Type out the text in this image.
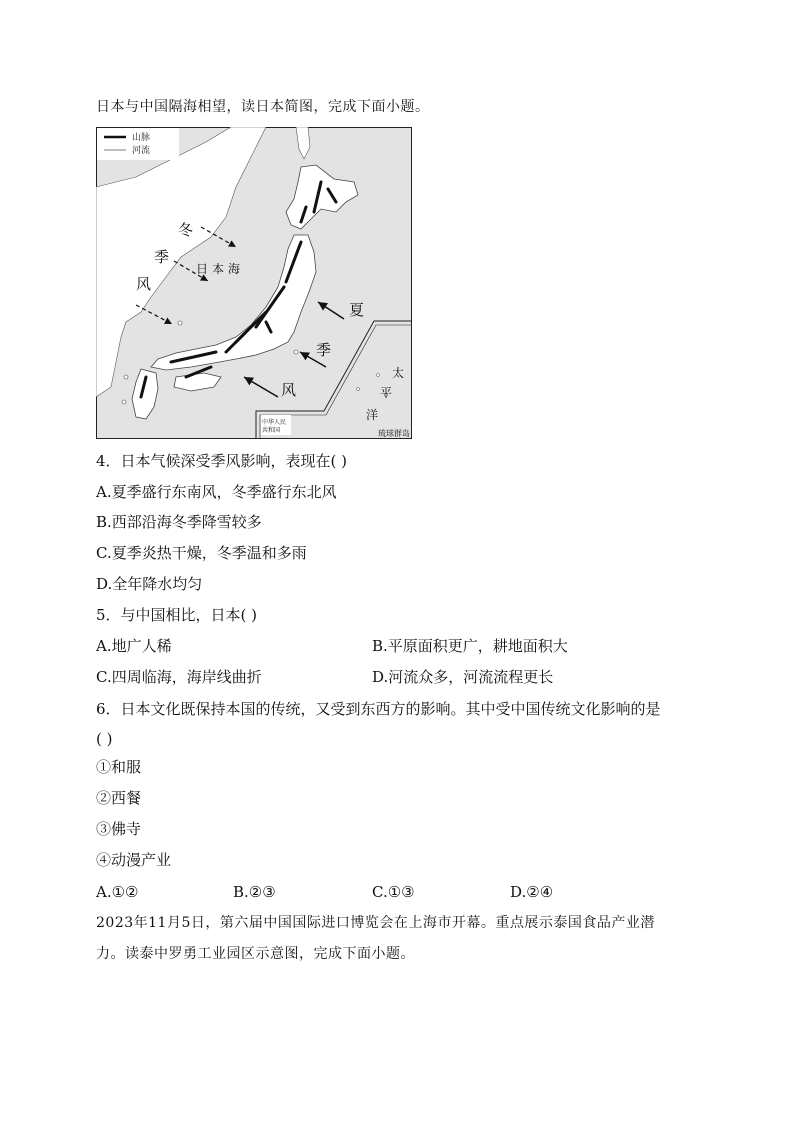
日本与中国隔海相望，读日本简图，完成下面小题。
山脉
河流
日本海
冬
季
风
夏
季
风
太
平
洋
琉球群岛
中华人民
共和国
4．日本气候深受季风影响，表现在( )
A.夏季盛行东南风，冬季盛行东北风
B.西部沿海冬季降雪较多
C.夏季炎热干燥，冬季温和多雨
D.全年降水均匀
5．与中国相比，日本( )
A.地广人稀	B.平原面积更广，耕地面积大
C.四周临海，海岸线曲折	D.河流众多，河流流程更长
6．日本文化既保持本国的传统，又受到东西方的影响。其中受中国传统文化影响的是
( )
①和服
②西餐
③佛寺
④动漫产业
A.①②	B.②③	C.①③	D.②④
2023年11月5日，第六届中国国际进口博览会在上海市开幕。重点展示泰国食品产业潜
力。读泰中罗勇工业园区示意图，完成下面小题。
